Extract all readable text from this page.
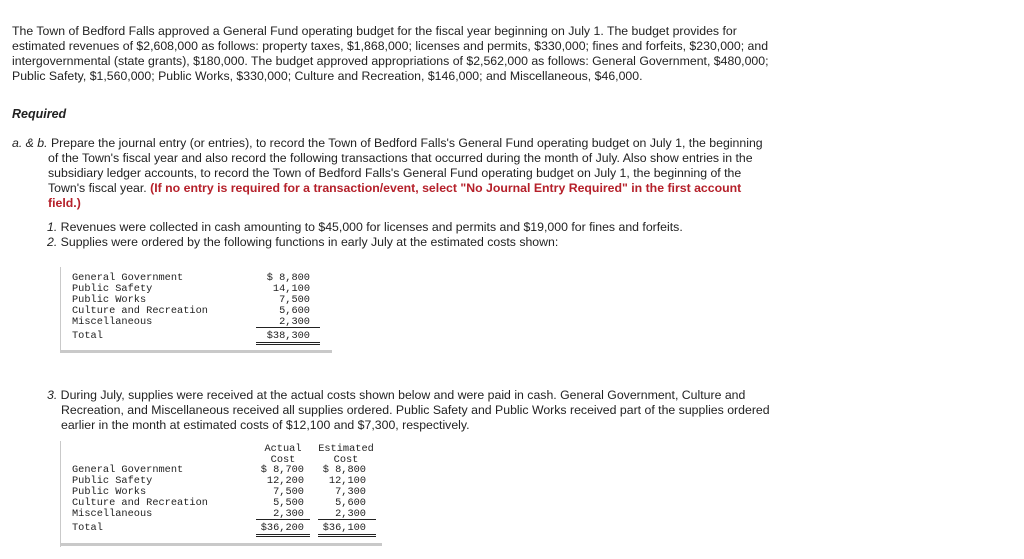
The Town of Bedford Falls approved a General Fund operating budget for the fiscal year beginning on July 1. The budget provides for estimated revenues of $2,608,000 as follows: property taxes, $1,868,000; licenses and permits, $330,000; fines and forfeits, $230,000; and intergovernmental (state grants), $180,000. The budget approved appropriations of $2,562,000 as follows: General Government, $480,000; Public Safety, $1,560,000; Public Works, $330,000; Culture and Recreation, $146,000; and Miscellaneous, $46,000.
Required
a. & b. Prepare the journal entry (or entries), to record the Town of Bedford Falls's General Fund operating budget on July 1, the beginning of the Town's fiscal year and also record the following transactions that occurred during the month of July. Also show entries in the subsidiary ledger accounts, to record the Town of Bedford Falls's General Fund operating budget on July 1, the beginning of the Town's fiscal year. (If no entry is required for a transaction/event, select "No Journal Entry Required" in the first account field.)
1. Revenues were collected in cash amounting to $45,000 for licenses and permits and $19,000 for fines and forfeits.
2. Supplies were ordered by the following functions in early July at the estimated costs shown:
General Government	$ 8,800
Public Safety	14,100
Public Works	7,500
Culture and Recreation	5,600
Miscellaneous	2,300
Total	$38,300
3. During July, supplies were received at the actual costs shown below and were paid in cash. General Government, Culture and Recreation, and Miscellaneous received all supplies ordered. Public Safety and Public Works received part of the supplies ordered earlier in the month at estimated costs of $12,100 and $7,300, respectively.
Actual
Cost
Estimated
Cost
General Government	$ 8,700	$ 8,800
Public Safety	12,200	12,100
Public Works	7,500	7,300
Culture and Recreation	5,500	5,600
Miscellaneous	2,300	2,300
Total	$36,200	$36,100
